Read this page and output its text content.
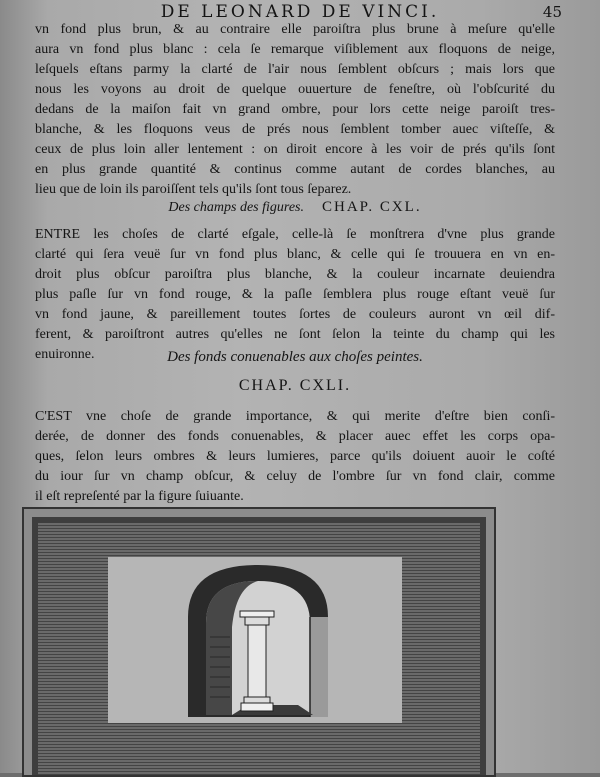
DE LEONARD DE VINCI.	45
vn fond plus brun, & au contraire elle paroiſtra plus brune à meſure qu'elle
aura vn fond plus blanc : cela ſe remarque viſiblement aux floquons de neige,
leſquels eſtans parmy la clarté de l'air nous ſemblent obſcurs ; mais lors que
nous les voyons au droit de quelque ouuerture de feneſtre, où l'obſcurité du
dedans de la maiſon fait vn grand ombre, pour lors cette neige paroiſt tres-
blanche, & les floquons veus de prés nous ſemblent tomber auec viſteſſe, &
ceux de plus loin aller lentement : on diroit encore à les voir de prés qu'ils ſont
en plus grande quantité & continus comme autant de cordes blanches, au
lieu que de loin ils paroiſſent tels qu'ils ſont tous ſeparez.
Des champs des figures. CHAP. CXL.
ENTRE les choſes de clarté eſgale, celle-là ſe monſtrera d'vne plus grande
clarté qui ſera veuë ſur vn fond plus blanc, & celle qui ſe trouuera en vn en-
droit plus obſcur paroiſtra plus blanche, & la couleur incarnate deuiendra
plus paſle ſur vn fond rouge, & la paſle ſemblera plus rouge eſtant veuë ſur
vn fond jaune, & pareillement toutes ſortes de couleurs auront vn œil dif-
ferent, & paroiſtront autres qu'elles ne ſont ſelon la teinte du champ qui les
enuironne.	Des fonds conuenables aux choſes peintes.
CHAP. CXLI.
C'EST vne choſe de grande importance, & qui merite d'eſtre bien conſi-
derée, de donner des fonds conuenables, & placer auec effet les corps opa-
ques, ſelon leurs ombres & leurs lumieres, parce qu'ils doiuent auoir le coſté
du iour ſur vn champ obſcur, & celuy de l'ombre ſur vn fond clair, comme
il eſt repreſenté par la figure ſuiuante.
